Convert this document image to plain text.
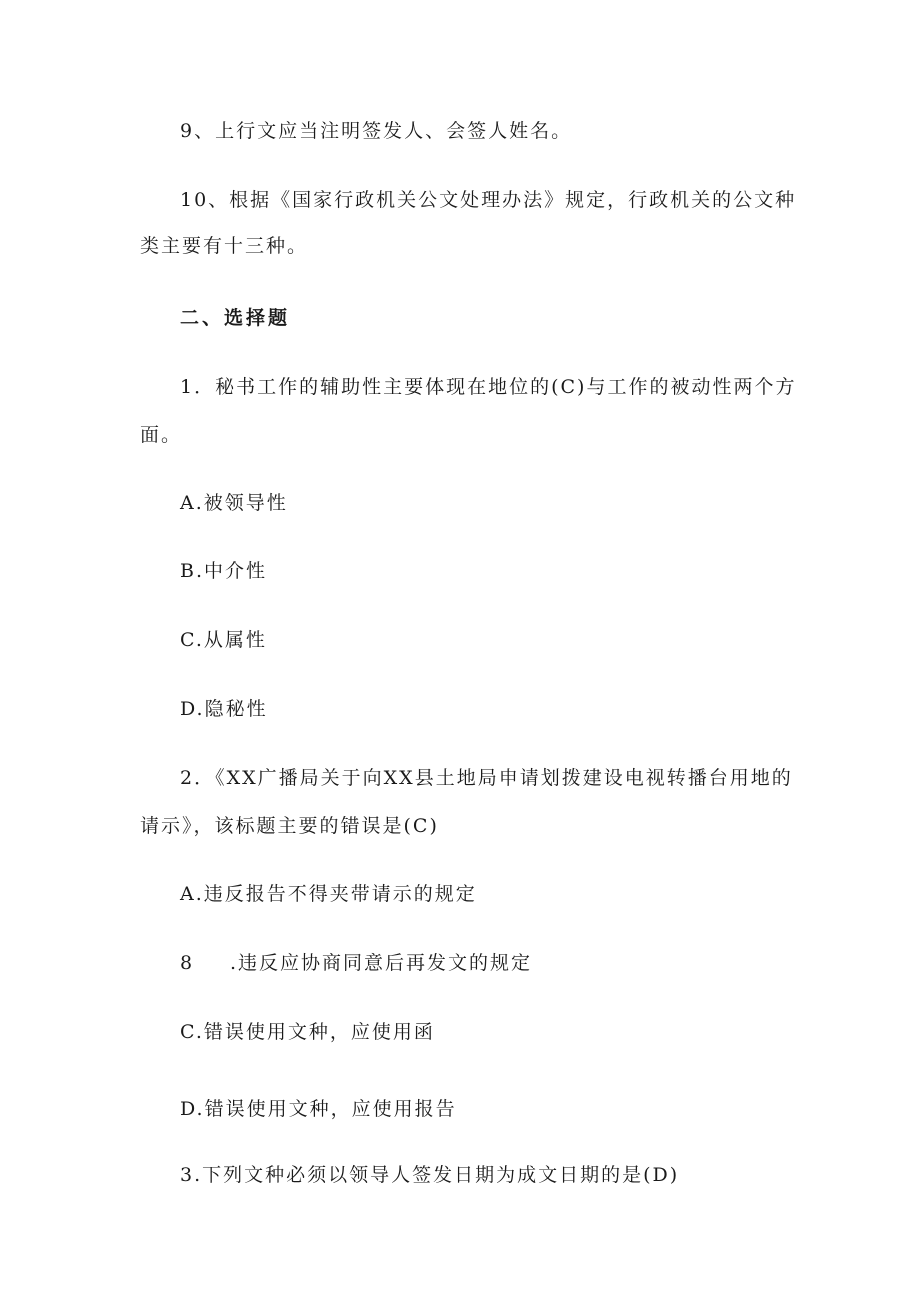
9、上行文应当注明签发人、会签人姓名。
10、根据《国家行政机关公文处理办法》规定，行政机关的公文种
类主要有十三种。
二、选择题
1．秘书工作的辅助性主要体现在地位的(C)与工作的被动性两个方
面。
A.被领导性
B.中介性
C.从属性
D.隐秘性
2．《XX广播局关于向XX县土地局申请划拨建设电视转播台用地的
请示》，该标题主要的错误是(C)
A.违反报告不得夹带请示的规定
8 .违反应协商同意后再发文的规定
C.错误使用文种，应使用函
D.错误使用文种，应使用报告
3.下列文种必须以领导人签发日期为成文日期的是(D)
